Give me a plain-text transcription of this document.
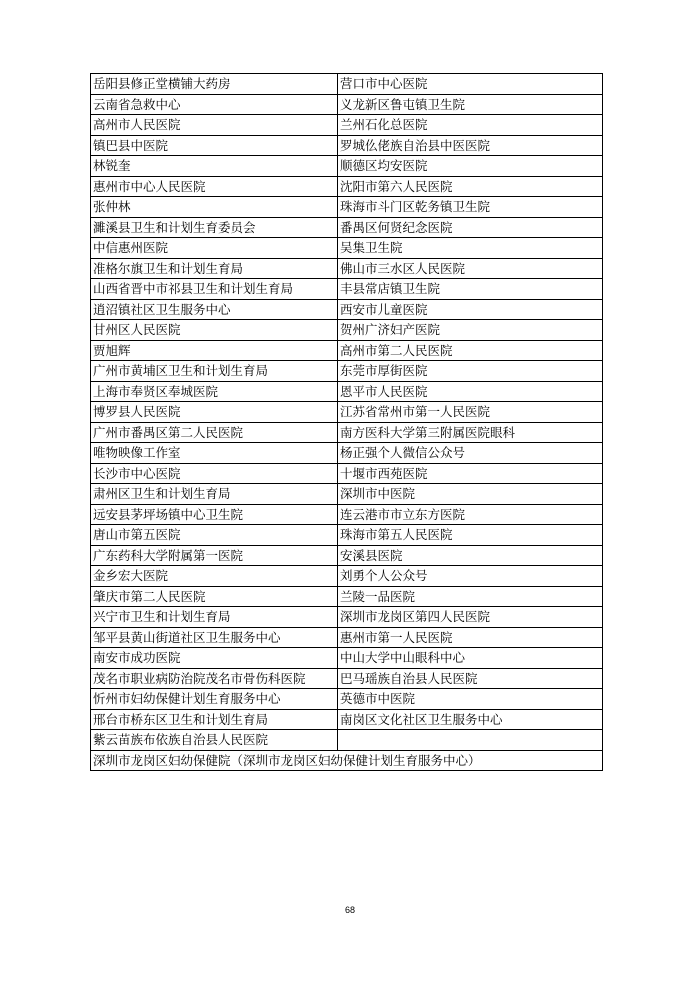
岳阳县修正堂横铺大药房	营口市中心医院
云南省急救中心	义龙新区鲁屯镇卫生院
高州市人民医院	兰州石化总医院
镇巴县中医院	罗城仫佬族自治县中医医院
林锐奎	顺德区均安医院
惠州市中心人民医院	沈阳市第六人民医院
张仲林	珠海市斗门区乾务镇卫生院
濉溪县卫生和计划生育委员会	番禺区何贤纪念医院
中信惠州医院	吴集卫生院
准格尔旗卫生和计划生育局	佛山市三水区人民医院
山西省晋中市祁县卫生和计划生育局	丰县常店镇卫生院
逍沼镇社区卫生服务中心	西安市儿童医院
甘州区人民医院	贺州广济妇产医院
贾旭辉	高州市第二人民医院
广州市黄埔区卫生和计划生育局	东莞市厚街医院
上海市奉贤区奉城医院	恩平市人民医院
博罗县人民医院	江苏省常州市第一人民医院
广州市番禺区第二人民医院	南方医科大学第三附属医院眼科
唯物映像工作室	杨正强个人微信公众号
长沙市中心医院	十堰市西苑医院
肃州区卫生和计划生育局	深圳市中医院
远安县茅坪场镇中心卫生院	连云港市市立东方医院
唐山市第五医院	珠海市第五人民医院
广东药科大学附属第一医院	安溪县医院
金乡宏大医院	刘勇个人公众号
肇庆市第二人民医院	兰陵一品医院
兴宁市卫生和计划生育局	深圳市龙岗区第四人民医院
邹平县黄山街道社区卫生服务中心	惠州市第一人民医院
南安市成功医院	中山大学中山眼科中心
茂名市职业病防治院茂名市骨伤科医院	巴马瑶族自治县人民医院
忻州市妇幼保健计划生育服务中心	英德市中医院
邢台市桥东区卫生和计划生育局	南岗区文化社区卫生服务中心
紫云苗族布依族自治县人民医院	
深圳市龙岗区妇幼保健院（深圳市龙岗区妇幼保健计划生育服务中心）	
68
